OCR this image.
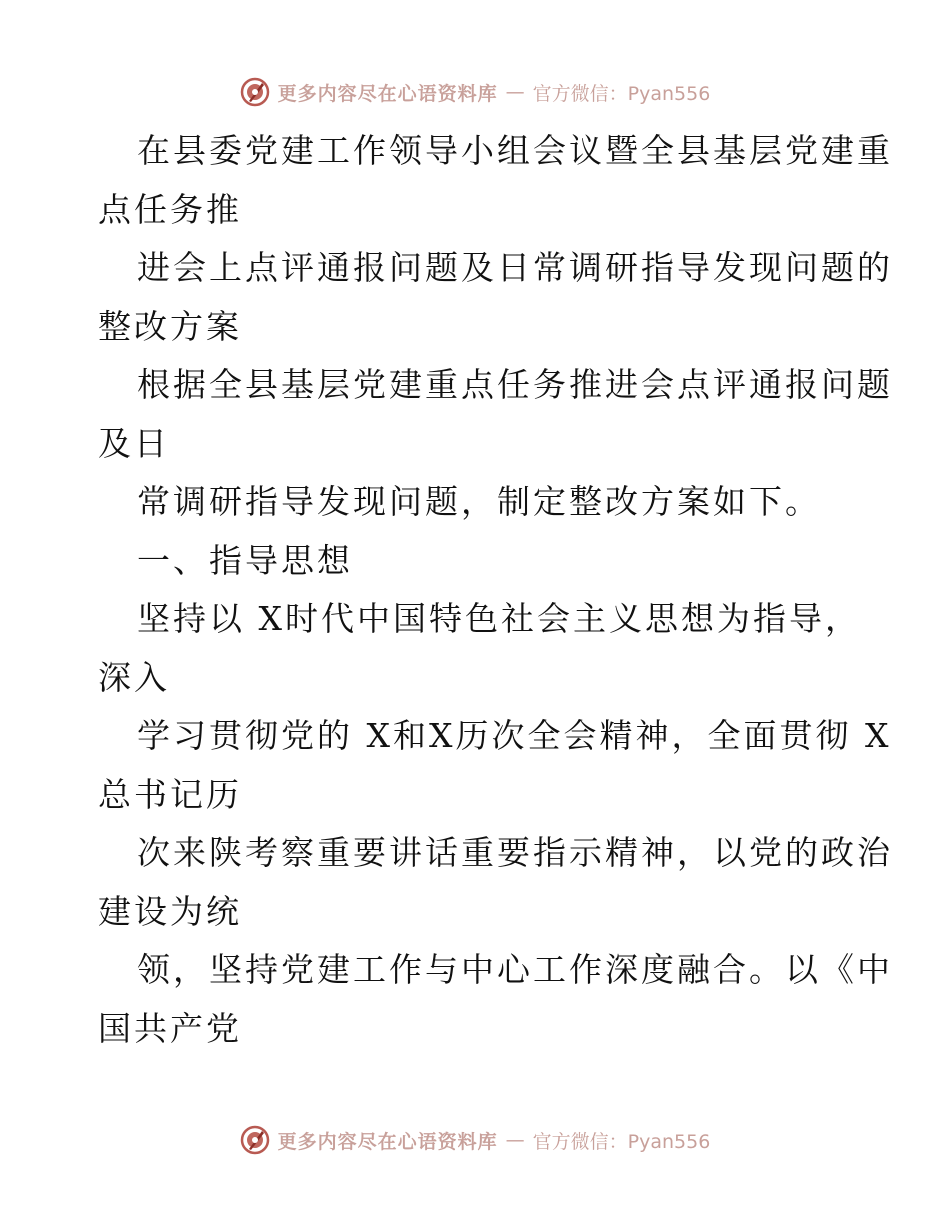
更多内容尽在心语资料库 — 官方微信：Pyan556
在县委党建工作领导小组会议暨全县基层党建重
点任务推
进会上点评通报问题及日常调研指导发现问题的
整改方案
根据全县基层党建重点任务推进会点评通报问题
及日
常调研指导发现问题，制定整改方案如下。
一、指导思想
坚持以 X时代中国特色社会主义思想为指导，
深入
学习贯彻党的 X和X历次全会精神，全面贯彻 X
总书记历
次来陕考察重要讲话重要指示精神，以党的政治
建设为统
领，坚持党建工作与中心工作深度融合。以《中
国共产党
更多内容尽在心语资料库 — 官方微信：Pyan556
